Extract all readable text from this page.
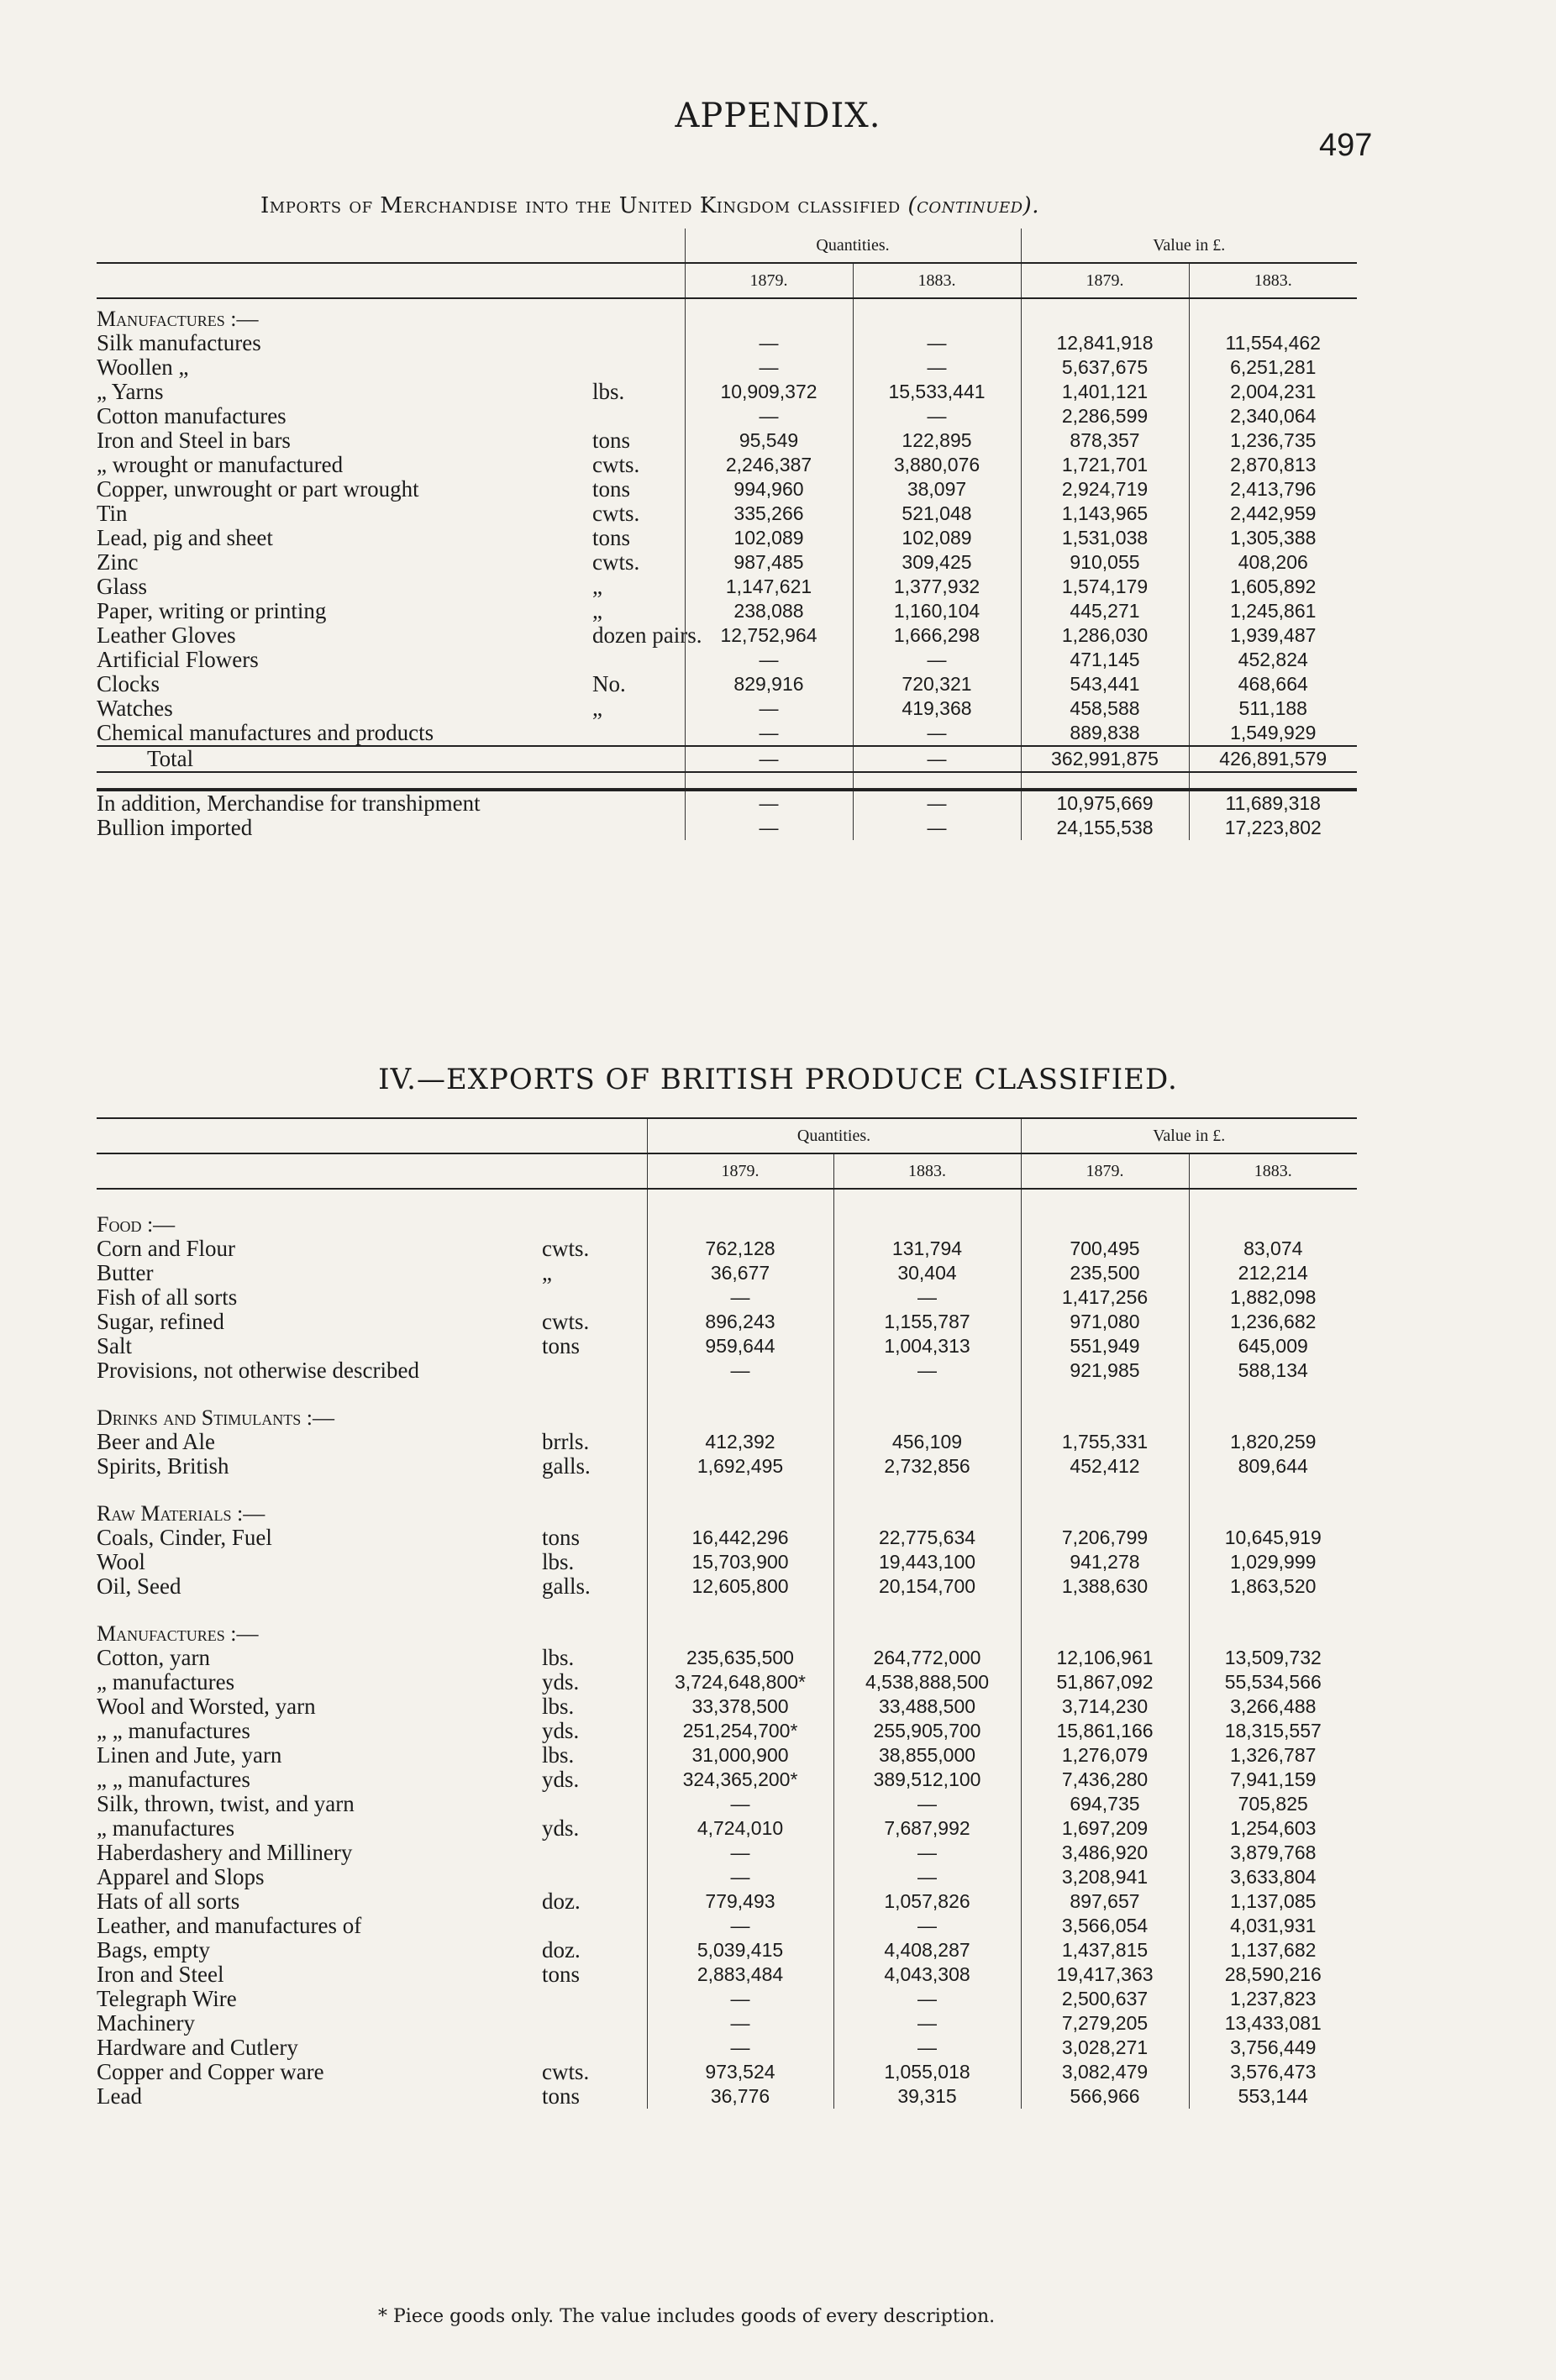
APPENDIX.
497
Imports of Merchandise into the United Kingdom classified (continued).
		Quantities.		Value in £.	
		1879.	1883.	1879.	1883.
Manufactures :—					
Silk manufactures		—	—	12,841,918	11,554,462
Woollen „		—	—	5,637,675	6,251,281
„ Yarns	lbs.	10,909,372	15,533,441	1,401,121	2,004,231
Cotton manufactures		—	—	2,286,599	2,340,064
Iron and Steel in bars	tons	95,549	122,895	878,357	1,236,735
„ wrought or manufactured	cwts.	2,246,387	3,880,076	1,721,701	2,870,813
Copper, unwrought or part wrought	tons	994,960	38,097	2,924,719	2,413,796
Tin	cwts.	335,266	521,048	1,143,965	2,442,959
Lead, pig and sheet	tons	102,089	102,089	1,531,038	1,305,388
Zinc	cwts.	987,485	309,425	910,055	408,206
Glass	„	1,147,621	1,377,932	1,574,179	1,605,892
Paper, writing or printing	„	238,088	1,160,104	445,271	1,245,861
Leather Gloves	dozen pairs.	12,752,964	1,666,298	1,286,030	1,939,487
Artificial Flowers		—	—	471,145	452,824
Clocks	No.	829,916	720,321	543,441	468,664
Watches	„	—	419,368	458,588	511,188
Chemical manufactures and products		—	—	889,838	1,549,929
Total		—	—	362,991,875	426,891,579

In addition, Merchandise for transhipment		—	—	10,975,669	11,689,318
Bullion imported		—	—	24,155,538	17,223,802
IV.—EXPORTS OF BRITISH PRODUCE CLASSIFIED.
		Quantities.		Value in £.	
		1879.	1883.	1879.	1883.

Food :—					
Corn and Flour	cwts.	762,128	131,794	700,495	83,074
Butter	„	36,677	30,404	235,500	212,214
Fish of all sorts		—	—	1,417,256	1,882,098
Sugar, refined	cwts.	896,243	1,155,787	971,080	1,236,682
Salt	tons	959,644	1,004,313	551,949	645,009
Provisions, not otherwise described		—	—	921,985	588,134

Drinks and Stimulants :—					
Beer and Ale	brrls.	412,392	456,109	1,755,331	1,820,259
Spirits, British	galls.	1,692,495	2,732,856	452,412	809,644

Raw Materials :—					
Coals, Cinder, Fuel	tons	16,442,296	22,775,634	7,206,799	10,645,919
Wool	lbs.	15,703,900	19,443,100	941,278	1,029,999
Oil, Seed	galls.	12,605,800	20,154,700	1,388,630	1,863,520

Manufactures :—					
Cotton, yarn	lbs.	235,635,500	264,772,000	12,106,961	13,509,732
„ manufactures	yds.	3,724,648,800*	4,538,888,500	51,867,092	55,534,566
Wool and Worsted, yarn	lbs.	33,378,500	33,488,500	3,714,230	3,266,488
„ „ manufactures	yds.	251,254,700*	255,905,700	15,861,166	18,315,557
Linen and Jute, yarn	lbs.	31,000,900	38,855,000	1,276,079	1,326,787
„ „ manufactures	yds.	324,365,200*	389,512,100	7,436,280	7,941,159
Silk, thrown, twist, and yarn		—	—	694,735	705,825
„ manufactures	yds.	4,724,010	7,687,992	1,697,209	1,254,603
Haberdashery and Millinery		—	—	3,486,920	3,879,768
Apparel and Slops		—	—	3,208,941	3,633,804
Hats of all sorts	doz.	779,493	1,057,826	897,657	1,137,085
Leather, and manufactures of		—	—	3,566,054	4,031,931
Bags, empty	doz.	5,039,415	4,408,287	1,437,815	1,137,682
Iron and Steel	tons	2,883,484	4,043,308	19,417,363	28,590,216
Telegraph Wire		—	—	2,500,637	1,237,823
Machinery		—	—	7,279,205	13,433,081
Hardware and Cutlery		—	—	3,028,271	3,756,449
Copper and Copper ware	cwts.	973,524	1,055,018	3,082,479	3,576,473
Lead	tons	36,776	39,315	566,966	553,144
* Piece goods only. The value includes goods of every description.
